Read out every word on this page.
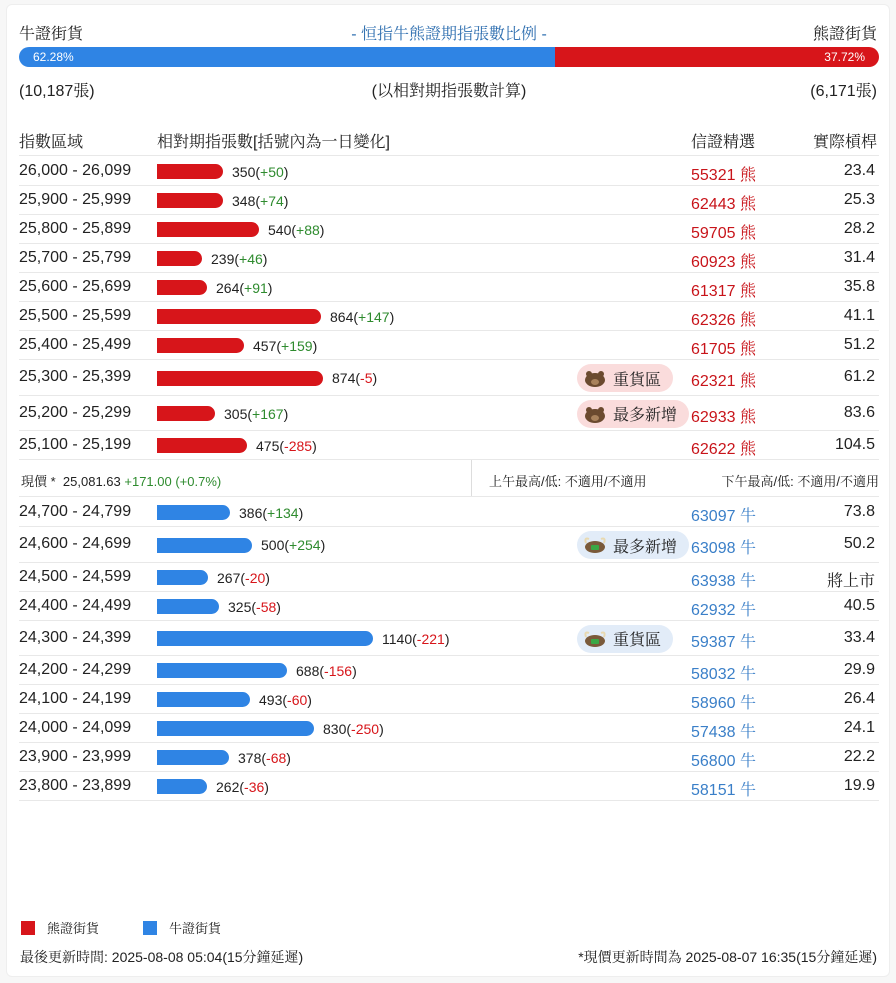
牛證街貨	- 恒指牛熊證期指張數比例 -	熊證街貨
62.28%	37.72%
(10,187張)	(以相對期指張數計算)	(6,171張)
指數區域	相對期指張數[括號內為一日變化]	信證精選	實際槓桿
26,000 - 26,099	350(+50)	55321 熊	23.4
25,900 - 25,999	348(+74)	62443 熊	25.3
25,800 - 25,899	540(+88)	59705 熊	28.2
25,700 - 25,799	239(+46)	60923 熊	31.4
25,600 - 25,699	264(+91)	61317 熊	35.8
25,500 - 25,599	864(+147)	62326 熊	41.1
25,400 - 25,499	457(+159)	61705 熊	51.2
25,300 - 25,399	874(-5)	重貨區 62321 熊	61.2
25,200 - 25,299	305(+167)	最多新增 62933 熊	83.6
25,100 - 25,199	475(-285)	62622 熊	104.5
現價 * 25,081.63 +171.00 (+0.7%)	上午最高/低: 不適用/不適用	下午最高/低: 不適用/不適用
24,700 - 24,799	386(+134)	63097 牛	73.8
24,600 - 24,699	500(+254)	最多新增 63098 牛	50.2
24,500 - 24,599	267(-20)	63938 牛	將上市
24,400 - 24,499	325(-58)	62932 牛	40.5
24,300 - 24,399	1140(-221)	重貨區 59387 牛	33.4
24,200 - 24,299	688(-156)	58032 牛	29.9
24,100 - 24,199	493(-60)	58960 牛	26.4
24,000 - 24,099	830(-250)	57438 牛	24.1
23,900 - 23,999	378(-68)	56800 牛	22.2
23,800 - 23,899	262(-36)	58151 牛	19.9
熊證街貨	牛證街貨
最後更新時間: 2025-08-08 05:04(15分鐘延遲)	*現價更新時間為 2025-08-07 16:35(15分鐘延遲)
